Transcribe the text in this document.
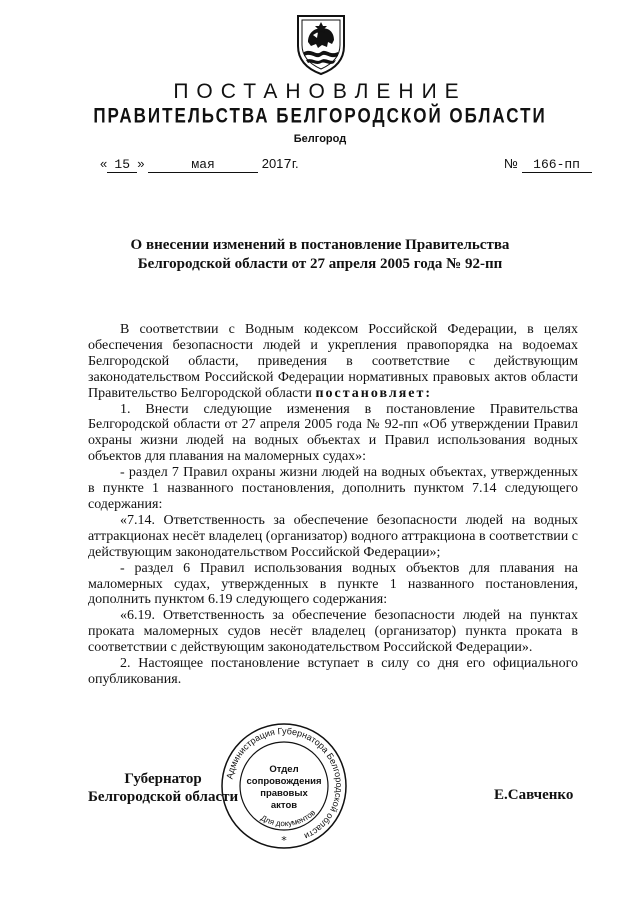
ПОСТАНОВЛЕНИЕ
ПРАВИТЕЛЬСТВА БЕЛГОРОДСКОЙ ОБЛАСТИ
Белгород
« 15 »	мая	2017г.	№ 166-пп
О внесении изменений в постановление Правительства
Белгородской области от 27 апреля 2005 года № 92-пп

В соответствии с Водным кодексом Российской Федерации, в целях обеспечения безопасности людей и укрепления правопорядка на водоемах Белгородской области, приведения в соответствие с действующим законодательством Российской Федерации нормативных правовых актов области Правительство Белгородской области постановляет:

1. Внести следующие изменения в постановление Правительства Белгородской области от 27 апреля 2005 года № 92-пп «Об утверждении Правил охраны жизни людей на водных объектах и Правил использования водных объектов для плавания на маломерных судах»:

- раздел 7 Правил охраны жизни людей на водных объектах, утвержденных в пункте 1 названного постановления, дополнить пунктом 7.14 следующего содержания:

«7.14. Ответственность за обеспечение безопасности людей на водных аттракционах несёт владелец (организатор) водного аттракциона в соответствии с действующим законодательством Российской Федерации»;

- раздел 6 Правил использования водных объектов для плавания на маломерных судах, утвержденных в пункте 1 названного постановления, дополнить пунктом 6.19 следующего содержания:

«6.19. Ответственность за обеспечение безопасности людей на пунктах проката маломерных судов несёт владелец (организатор) пункта проката в соответствии с действующим законодательством Российской Федерации».

2. Настоящее постановление вступает в силу со дня его официального опубликования.

Губернатор
Белгородской области	Е.Савченко
Администрация Губернатора Белгородской области
Для документов
Отдел
сопровождения
правовых
актов
*
